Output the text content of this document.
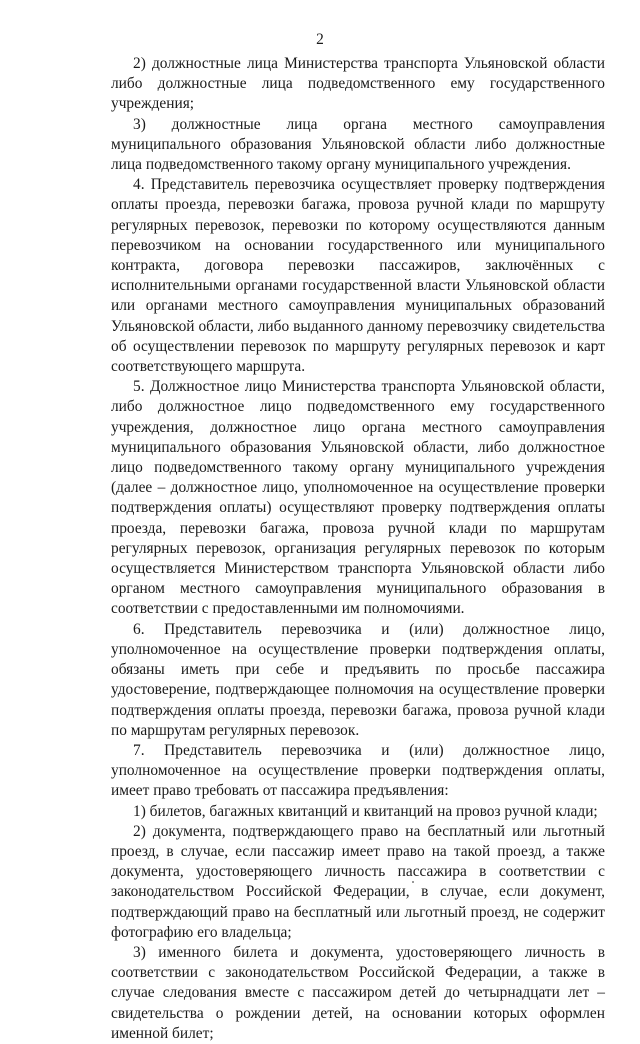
2

2) должностные лица Министерства транспорта Ульяновской области либо должностные лица подведомственного ему государственного учреждения;

3) должностные лица органа местного самоуправления муниципального образования Ульяновской области либо должностные лица подведомственного такому органу муниципального учреждения.

4. Представитель перевозчика осуществляет проверку подтверждения оплаты проезда, перевозки багажа, провоза ручной клади по маршруту регулярных перевозок, перевозки по которому осуществляются данным перевозчиком на основании государственного или муниципального контракта, договора перевозки пассажиров, заключённых с исполнительными органами государственной власти Ульяновской области или органами местного самоуправления муниципальных образований Ульяновской области, либо выданного данному перевозчику свидетельства об осуществлении перевозок по маршруту регулярных перевозок и карт соответствующего маршрута.

5. Должностное лицо Министерства транспорта Ульяновской области, либо должностное лицо подведомственного ему государственного учреждения, должностное лицо органа местного самоуправления муниципального образования Ульяновской области, либо должностное лицо подведомственного такому органу муниципального учреждения (далее – должностное лицо, уполномоченное на осуществление проверки подтверждения оплаты) осуществляют проверку подтверждения оплаты проезда, перевозки багажа, провоза ручной клади по маршрутам регулярных перевозок, организация регулярных перевозок по которым осуществляется Министерством транспорта Ульяновской области либо органом местного самоуправления муниципального образования в соответствии с предоставленными им полномочиями.

6. Представитель перевозчика и (или) должностное лицо, уполномоченное на осуществление проверки подтверждения оплаты, обязаны иметь при себе и предъявить по просьбе пассажира удостоверение, подтверждающее полномочия на осуществление проверки подтверждения оплаты проезда, перевозки багажа, провоза ручной клади по маршрутам регулярных перевозок.

7. Представитель перевозчика и (или) должностное лицо, уполномоченное на осуществление проверки подтверждения оплаты, имеет право требовать от пассажира предъявления:

1) билетов, багажных квитанций и квитанций на провоз ручной клади;

2) документа, подтверждающего право на бесплатный или льготный проезд, в случае, если пассажир имеет право на такой проезд, а также документа, удостоверяющего личность пассажира в соответствии с законодательством Российской Федерации, в случае, если документ, подтверждающий право на бесплатный или льготный проезд, не содержит фотографию его владельца;

3) именного билета и документа, удостоверяющего личность в соответствии с законодательством Российской Федерации, а также в случае следования вместе с пассажиром детей до четырнадцати лет – свидетельства о рождении детей, на основании которых оформлен именной билет;
